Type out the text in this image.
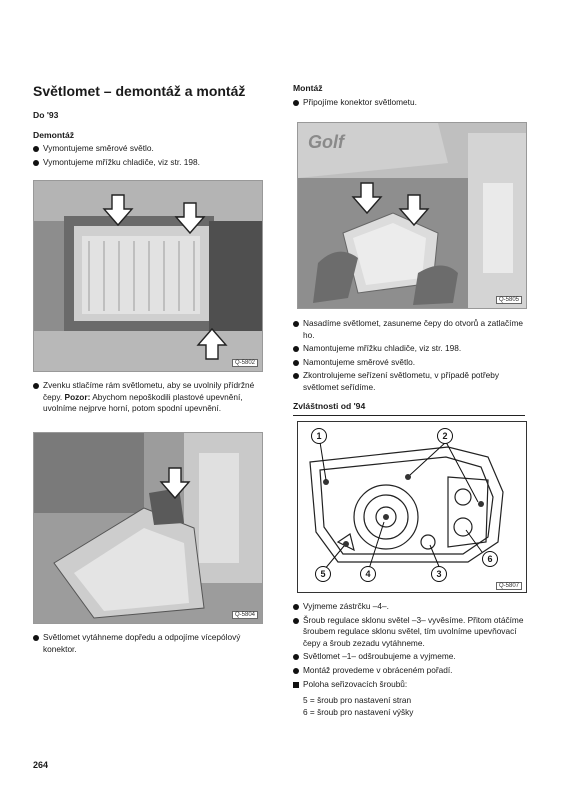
Světlomet – demontáž a montáž
Do '93
Demontáž
Vymontujeme směrové světlo.
Vymontujeme mřížku chladiče, viz str. 198.
Q-5802
Zvenku stlačíme rám světlometu, aby se uvolnily přídržné čepy. Pozor: Abychom nepoškodili plastové upevnění, uvolníme nejprve horní, potom spodní upevnění.
Q-5804
Světlomet vytáhneme dopředu a odpojíme vícepólový konektor.
Montáž
Připojíme konektor světlometu.
Golf
Q-5805
Nasadíme světlomet, zasuneme čepy do otvorů a zatlačíme ho.
Namontujeme mřížku chladiče, viz str. 198.
Namontujeme směrové světlo.
Zkontrolujeme seřízení světlometu, v případě potřeby světlomet seřídíme.
Zvláštnosti od '94
1	2
3
4
5
6
Q-5807
Vyjmeme zástrčku –4–.
Šroub regulace sklonu světel –3– vyvěsíme. Přitom otáčíme šroubem regulace sklonu světel, tím uvolníme upevňovací čepy a šroub zezadu vytáhneme.
Světlomet –1– odšroubujeme a vyjmeme.
Montáž provedeme v obráceném pořadí.
Poloha seřizovacích šroubů:
5 = šroub pro nastavení stran
6 = šroub pro nastavení výšky
264
